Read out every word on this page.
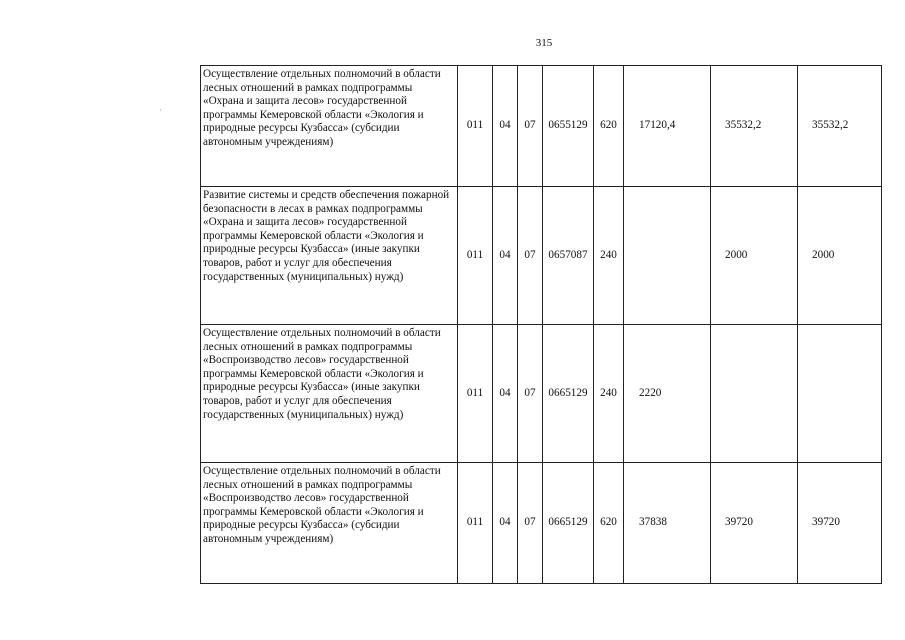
315
·
Осуществление отдельных полномочий в области лесных отношений в рамках подпрограммы «Охрана и защита лесов» государственной программы Кемеровской области «Экология и природные ресурсы Кузбасса» (субсидии автономным учреждениям)	011	04	07	0655129	620	17120,4	35532,2	35532,2
Развитие системы и средств обеспечения пожарной безопасности в лесах в рамках подпрограммы «Охрана и защита лесов» государственной программы Кемеровской области «Экология и природные ресурсы Кузбасса» (иные закупки товаров, работ и услуг для обеспечения государственных (муниципальных) нужд)	011	04	07	0657087	240		2000	2000
Осуществление отдельных полномочий в области лесных отношений в рамках подпрограммы «Воспроизводство лесов» государственной программы Кемеровской области «Экология и природные ресурсы Кузбасса» (иные закупки товаров, работ и услуг для обеспечения государственных (муниципальных) нужд)	011	04	07	0665129	240	2220		
Осуществление отдельных полномочий в области лесных отношений в рамках подпрограммы «Воспроизводство лесов» государственной программы Кемеровской области «Экология и природные ресурсы Кузбасса» (субсидии автономным учреждениям)	011	04	07	0665129	620	37838	39720	39720
